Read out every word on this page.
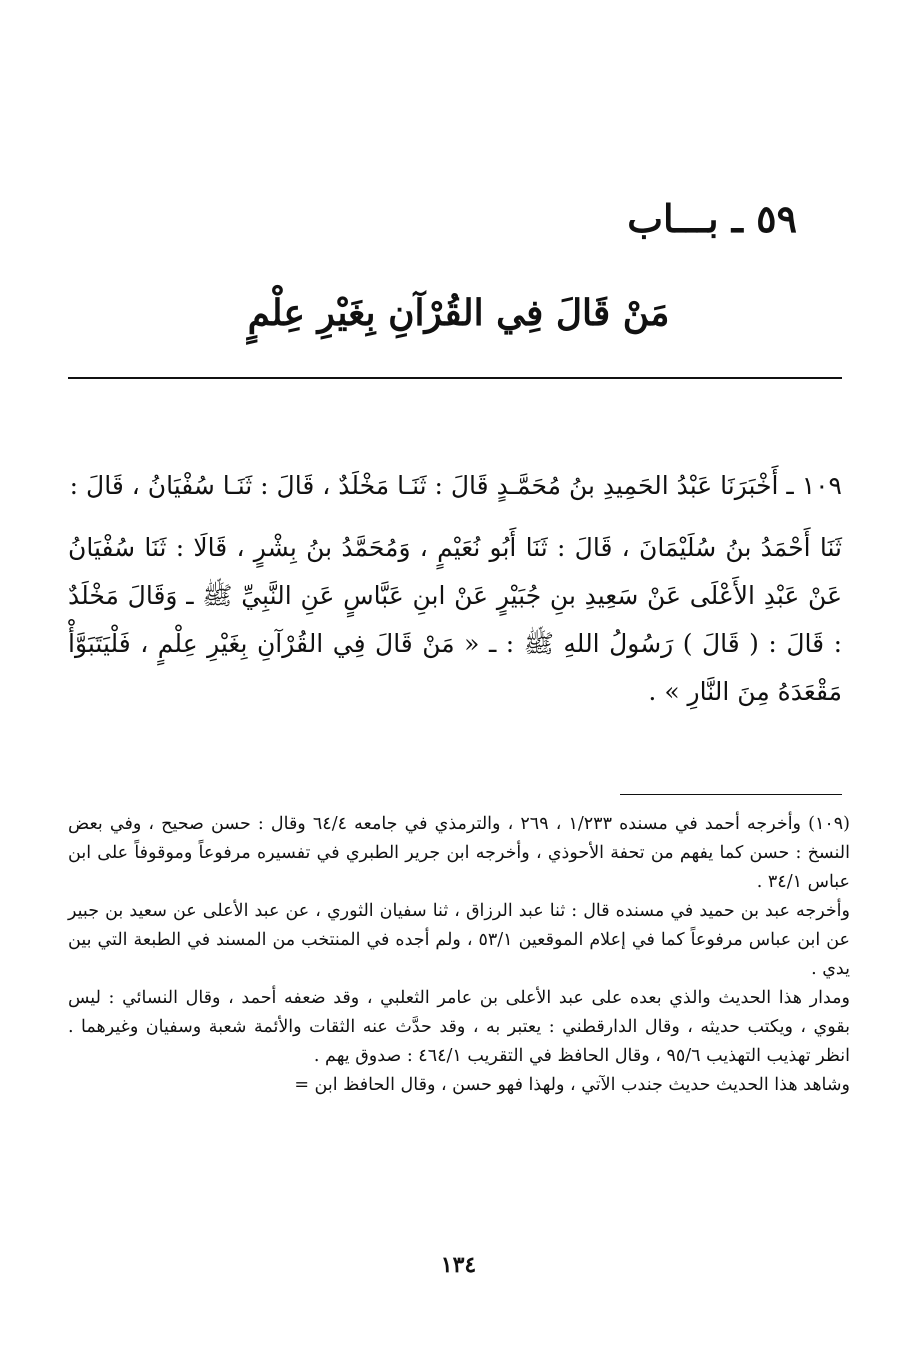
٥٩ ـ بـــاب
مَنْ قَالَ فِي القُرْآنِ بِغَيْرِ عِلْمٍ

١٠٩ ـ أَخْبَرَنَا عَبْدُ الحَمِيدِ بنُ مُحَمَّـدٍ قَالَ : ثَنَـا مَخْلَدٌ ، قَالَ : ثَنَـا سُفْيَانُ ، قَالَ :

ثَنَا أَحْمَدُ بنُ سُلَيْمَانَ ، قَالَ : ثَنَا أَبُو نُعَيْمٍ ، وَمُحَمَّدُ بنُ بِشْرٍ ، قَالَا : ثَنَا سُفْيَانُ عَنْ عَبْدِ الأَعْلَى عَنْ سَعِيدِ بنِ جُبَيْرٍ عَنْ ابنِ عَبَّاسٍ عَنِ النَّبِيِّ ﷺ ـ وَقَالَ مَخْلَدٌ : قَالَ : ( قَالَ ) رَسُولُ اللهِ ﷺ : ـ « مَنْ قَالَ فِي القُرْآنِ بِغَيْرِ عِلْمٍ ، فَلْيَتَبَوَّأْ مَقْعَدَهُ مِنَ النَّارِ » .

(١٠٩) وأخرجه أحمد في مسنده ١/٢٣٣ ، ٢٦٩ ، والترمذي في جامعه ٦٤/٤ وقال : حسن صحيح ، وفي بعض النسخ : حسن كما يفهم من تحفة الأحوذي ، وأخرجه ابن جرير الطبري في تفسيره مرفوعاً وموقوفاً على ابن عباس ٣٤/١ .

وأخرجه عبد بن حميد في مسنده قال : ثنا عبد الرزاق ، ثنا سفيان الثوري ، عن عبد الأعلى عن سعيد بن جبير عن ابن عباس مرفوعاً كما في إعلام الموقعين ٥٣/١ ، ولم أجده في المنتخب من المسند في الطبعة التي بين يدي .

ومدار هذا الحديث والذي بعده على عبد الأعلى بن عامر الثعلبي ، وقد ضعفه أحمد ، وقال النسائي : ليس بقوي ، ويكتب حديثه ، وقال الدارقطني : يعتبر به ، وقد حدَّث عنه الثقات والأئمة شعبة وسفيان وغيرهما . انظر تهذيب التهذيب ٩٥/٦ ، وقال الحافظ في التقريب ٤٦٤/١ : صدوق يهم .

وشاهد هذا الحديث حديث جندب الآتي ، ولهذا فهو حسن ، وقال الحافظ ابن =

١٣٤
